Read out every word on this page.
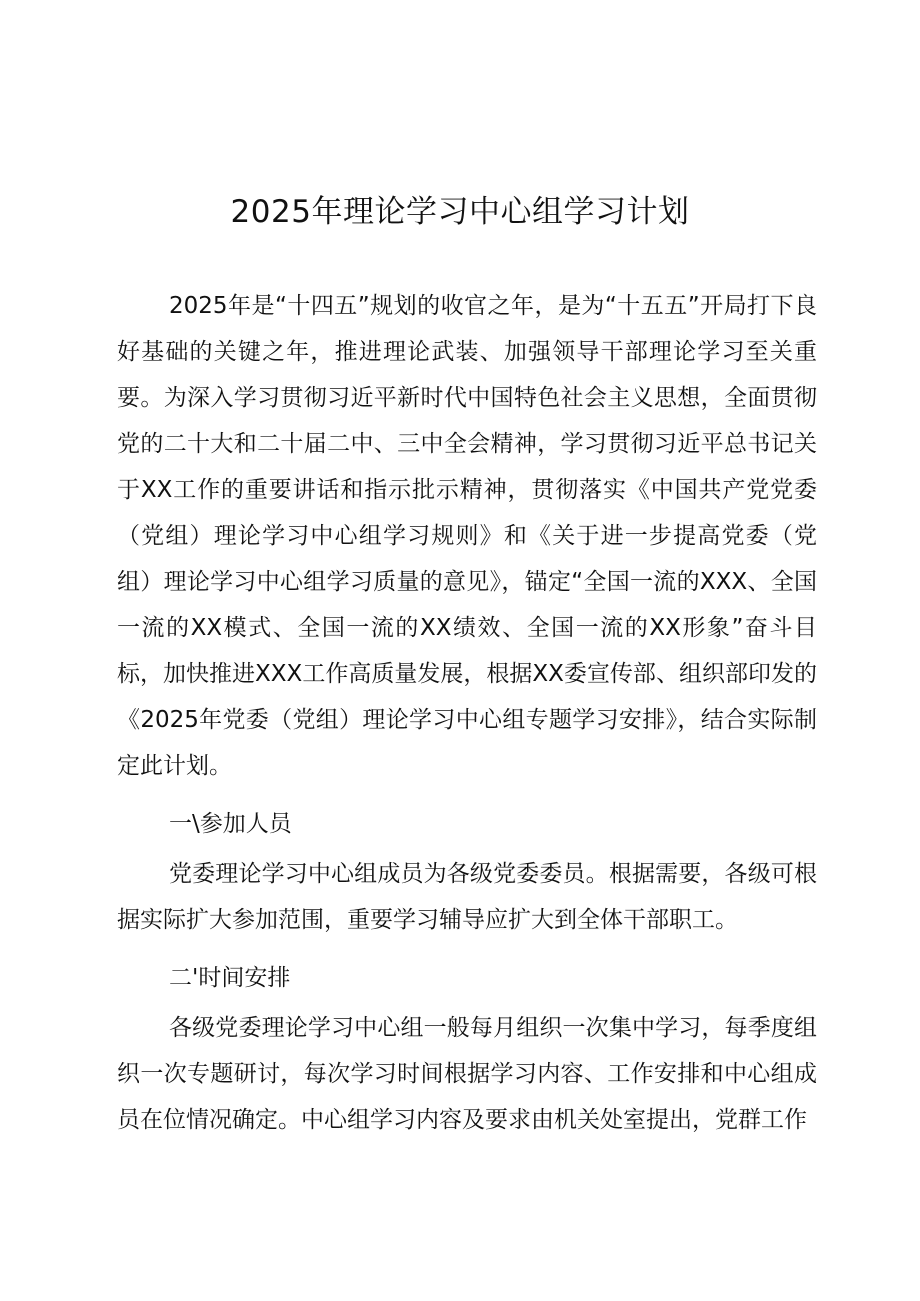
2025年理论学习中心组学习计划

2025年是“十四五”规划的收官之年，是为“十五五”开局打下良好基础的关键之年，推进理论武装、加强领导干部理论学习至关重要。为深入学习贯彻习近平新时代中国特色社会主义思想，全面贯彻党的二十大和二十届二中、三中全会精神，学习贯彻习近平总书记关于XX工作的重要讲话和指示批示精神，贯彻落实《中国共产党党委（党组）理论学习中心组学习规则》和《关于进一步提高党委（党组）理论学习中心组学习质量的意见》，锚定“全国一流的XXX、全国一流的XX模式、全国一流的XX绩效、全国一流的XX形象”奋斗目标，加快推进XXX工作高质量发展，根据XX委宣传部、组织部印发的《2025年党委（党组）理论学习中心组专题学习安排》，结合实际制定此计划。

一\参加人员

党委理论学习中心组成员为各级党委委员。根据需要，各级可根据实际扩大参加范围，重要学习辅导应扩大到全体干部职工。

二'时间安排

各级党委理论学习中心组一般每月组织一次集中学习，每季度组织一次专题研讨，每次学习时间根据学习内容、工作安排和中心组成员在位情况确定。中心组学习内容及要求由机关处室提出，党群工作
